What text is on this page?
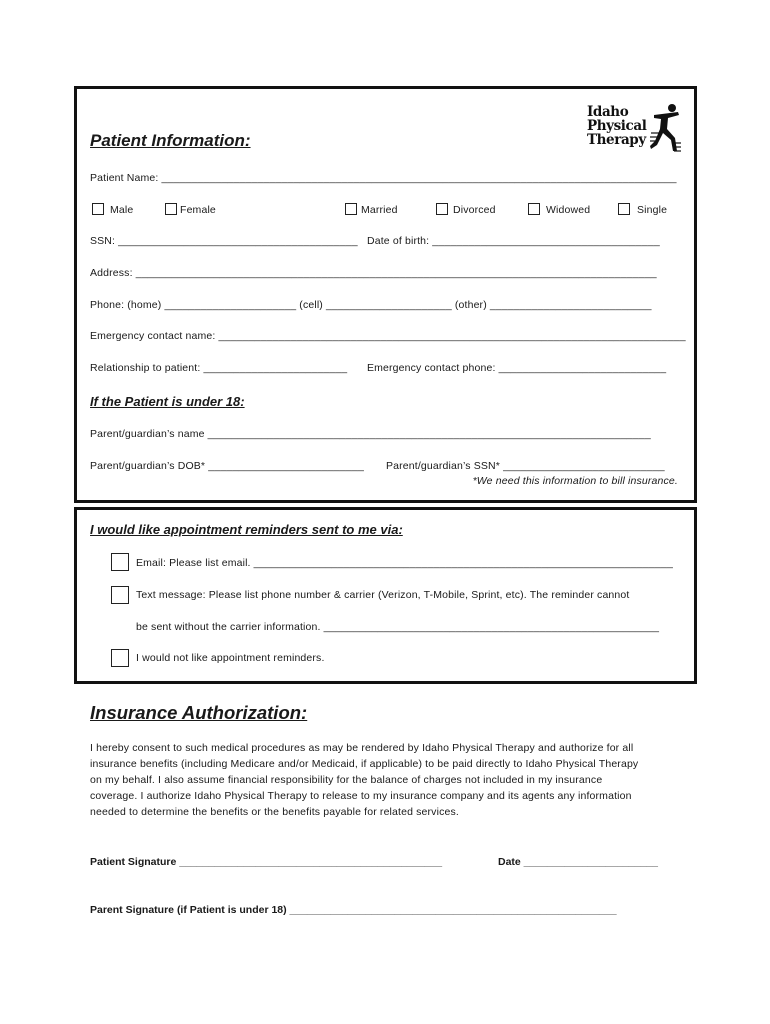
Idaho
Physical
Therapy
Patient Information:
Patient Name: ______________________________________________________________________________________
Male	Female	Married	Divorced	Widowed	Single
SSN: ________________________________________ Date of birth: ______________________________________
Address: _______________________________________________________________________________________
Phone: (home) ______________________ (cell) _____________________ (other) ___________________________
Emergency contact name: ______________________________________________________________________________
Relationship to patient: ________________________ Emergency contact phone: ____________________________
If the Patient is under 18:
Parent/guardian’s name __________________________________________________________________________
Parent/guardian’s DOB* __________________________ Parent/guardian’s SSN* ___________________________
*We need this information to bill insurance.
I would like appointment reminders sent to me via:
Email: Please list email. ______________________________________________________________________
Text message: Please list phone number & carrier (Verizon, T-Mobile, Sprint, etc). The reminder cannot
be sent without the carrier information. ________________________________________________________
I would not like appointment reminders.
Insurance Authorization:
I hereby consent to such medical procedures as may be rendered by Idaho Physical Therapy and authorize for all
insurance benefits (including Medicare and/or Medicaid, if applicable) to be paid directly to Idaho Physical Therapy
on my behalf. I also assume financial responsibility for the balance of charges not included in my insurance
coverage. I authorize Idaho Physical Therapy to release to my insurance company and its agents any information
needed to determine the benefits or the benefits payable for related services.
Patient Signature _____________________________________________	Date _______________________
Parent Signature (if Patient is under 18) ________________________________________________________
